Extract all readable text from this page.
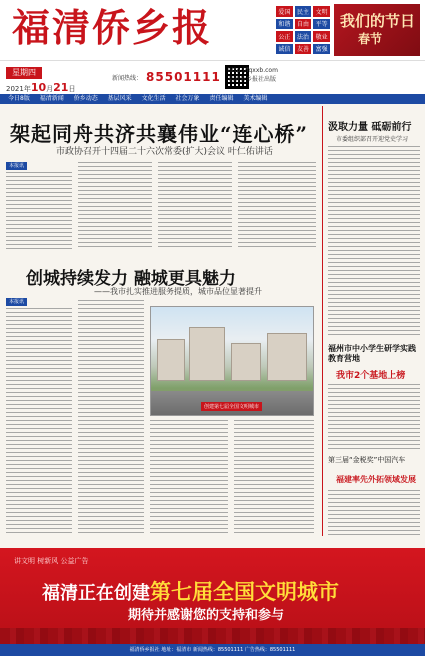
福清侨乡报	爱国	民主	文明
和谐	自由	平等
公正	法治	敬业
诚信	友善	富强
我们的节日
春节
星期四
2021年10月21日
新闻热线： 85501111 http://fqxxb.com
福清侨乡报社出版
今日8版 福清新闻 侨乡动态 基层风采 文化生活 社会万象 责任编辑 美术编辑
架起同舟共济共襄伟业“连心桥”
市政协召开十四届二十六次常委(扩大)会议 叶仁佑讲话
本报讯
创城持续发力 融城更具魅力
——我市扎实推进服务提质，城市品位显著提升
本报讯
创建第七届全国文明城市
汲取力量 砥砺前行
市委组织部召开迎党史学习
福州市中小学生研学实践教育营地
我市2个基地上榜
第三届“金税奖”中国汽车
福建率先外拓领域发展
讲文明 树新风 公益广告
福清正在创建第七届全国文明城市
期待并感谢您的支持和参与
福清侨乡报社 地址：福清市 新闻热线：85501111 广告热线：85501111
